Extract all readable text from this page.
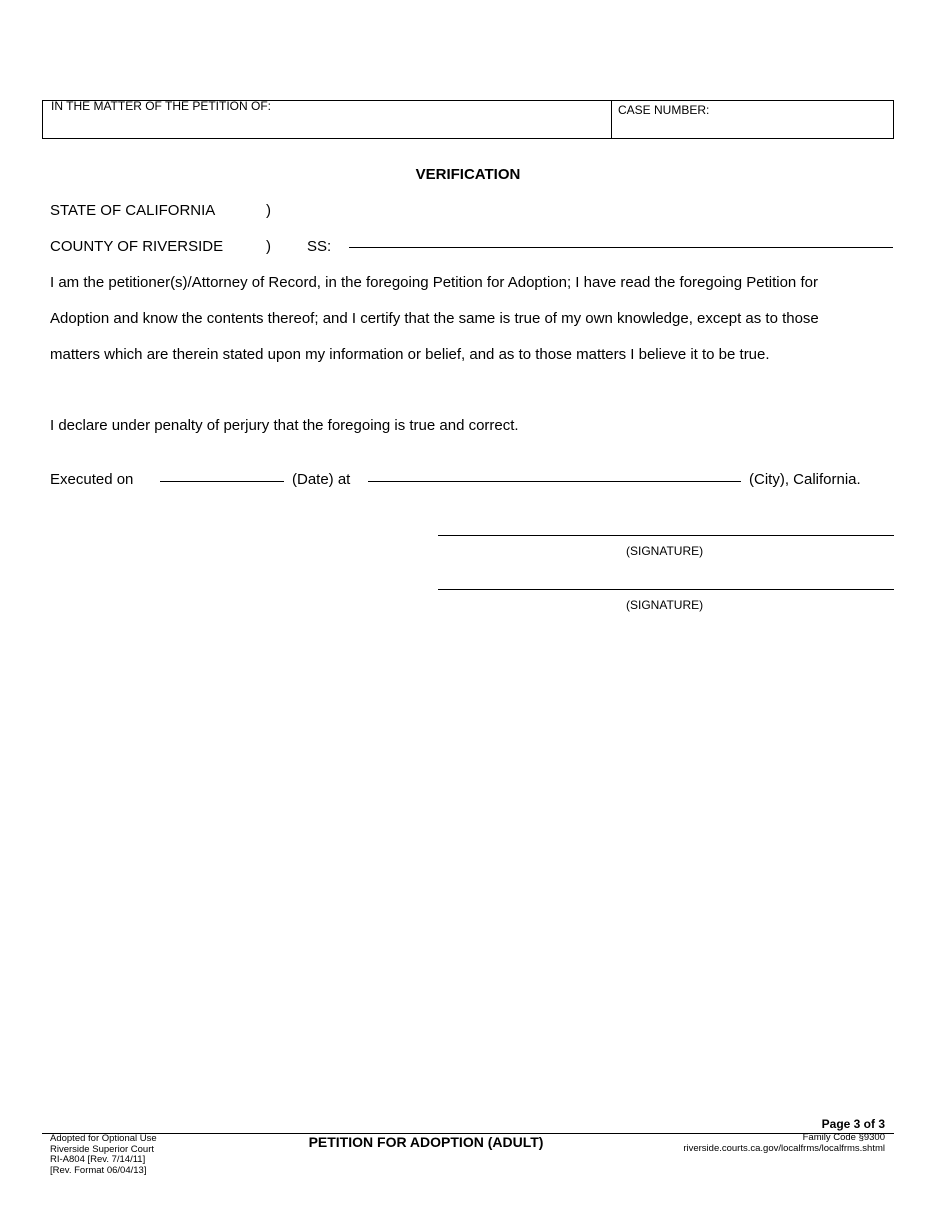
IN THE MATTER OF THE PETITION OF:	CASE NUMBER:
VERIFICATION
STATE OF CALIFORNIA	)
COUNTY OF RIVERSIDE	) SS:
I am the petitioner(s)/Attorney of Record, in the foregoing Petition for Adoption; I have read the foregoing Petition for
Adoption and know the contents thereof; and I certify that the same is true of my own knowledge, except as to those
matters which are therein stated upon my information or belief, and as to those matters I believe it to be true.
I declare under penalty of perjury that the foregoing is true and correct.
Executed on	(Date) at	(City), California.
(SIGNATURE)
(SIGNATURE)
Page 3 of 3
Adopted for Optional Use
Riverside Superior Court
RI-A804 [Rev. 7/14/11]
[Rev. Format 06/04/13]
PETITION FOR ADOPTION (ADULT)	Family Code §9300
riverside.courts.ca.gov/localfrms/localfrms.shtml
